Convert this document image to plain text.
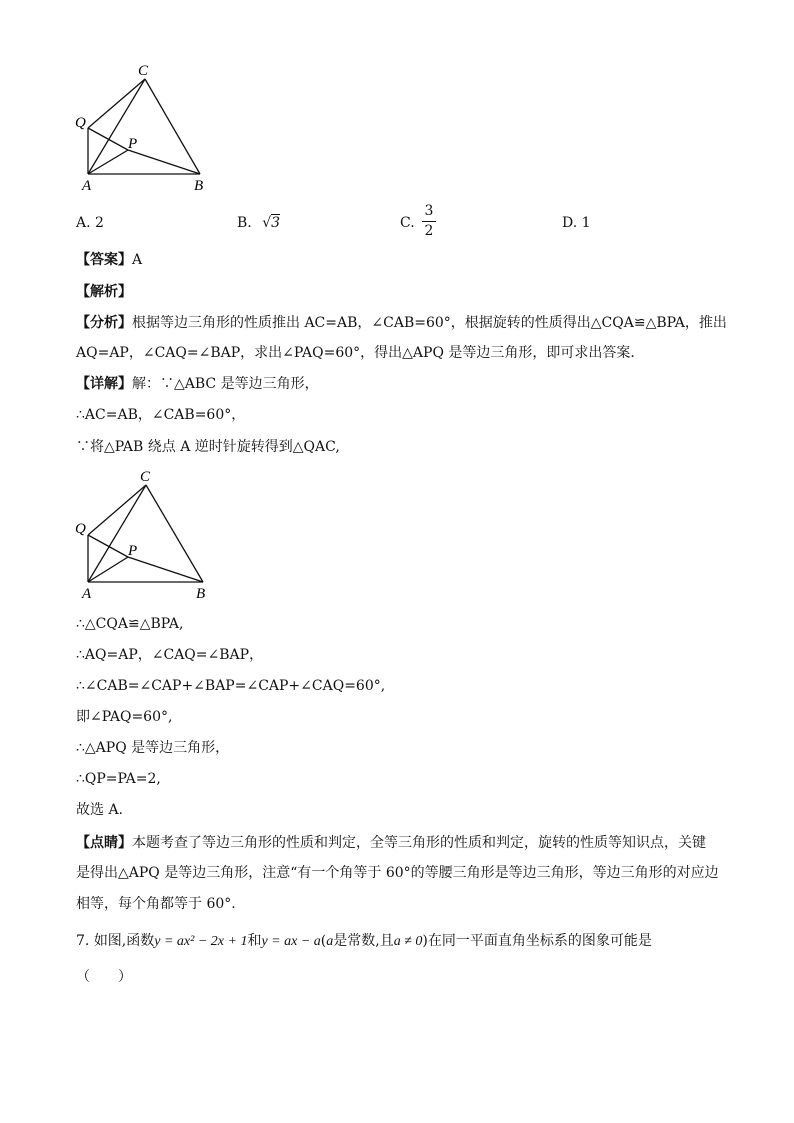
C
Q
P
A	B
A. 2	B. √3	C.
3
2	D. 1
【答案】A
【解析】
【分析】根据等边三角形的性质推出 AC=AB，∠CAB=60°，根据旋转的性质得出△CQA≌△BPA，推出
AQ=AP，∠CAQ=∠BAP，求出∠PAQ=60°，得出△APQ 是等边三角形，即可求出答案．
【详解】解：∵△ABC 是等边三角形，
∴AC=AB，∠CAB=60°，
∵将△PAB 绕点 A 逆时针旋转得到△QAC,
C
Q
P
A	B
∴△CQA≌△BPA,
∴AQ=AP，∠CAQ=∠BAP，
∴∠CAB=∠CAP+∠BAP=∠CAP+∠CAQ=60°,
即∠PAQ=60°,
∴△APQ 是等边三角形，
∴QP=PA=2,
故选 A.
【点睛】本题考查了等边三角形的性质和判定，全等三角形的性质和判定，旋转的性质等知识点，关键
是得出△APQ 是等边三角形，注意“有一个角等于 60°的等腰三角形是等边三角形，等边三角形的对应边
相等，每个角都等于 60°.
7. 如图,函数y = ax² − 2x + 1和y = ax − a(a是常数,且a ≠ 0)在同一平面直角坐标系的图象可能是
（　　）
